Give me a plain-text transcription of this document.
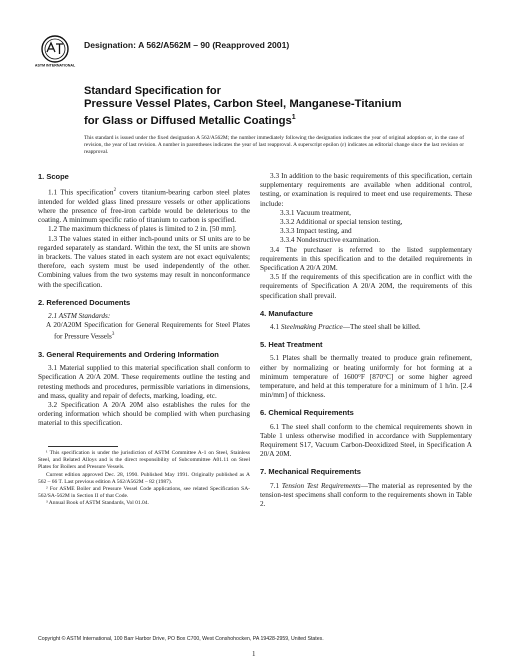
ASTM INTERNATIONAL
Designation: A 562/A562M – 90 (Reapproved 2001)
Standard Specification for
Pressure Vessel Plates, Carbon Steel, Manganese-Titanium
for Glass or Diffused Metallic Coatings$^1$
This standard is issued under the fixed designation A 562/A562M; the number immediately following the designation indicates the year of original adoption or, in the case of revision, the year of last revision. A number in parentheses indicates the year of last reapproval. A superscript epsilon (ε) indicates an editorial change since the last revision or reapproval.
1. Scope

1.1 This specification$^2$ covers titanium-bearing carbon steel plates intended for welded glass lined pressure vessels or other applications where the presence of free-iron carbide would be deleterious to the coating. A minimum specific ratio of titanium to carbon is specified.

1.2 The maximum thickness of plates is limited to 2 in. [50 mm].

1.3 The values stated in either inch-pound units or SI units are to be regarded separately as standard. Within the text, the SI units are shown in brackets. The values stated in each system are not exact equivalents; therefore, each system must be used independently of the other. Combining values from the two systems may result in nonconformance with the specification.

2. Referenced Documents

2.1 ASTM Standards:

A 20/A20M Specification for General Requirements for Steel Plates for Pressure Vessels$^3$

3. General Requirements and Ordering Information

3.1 Material supplied to this material specification shall conform to Specification A 20/A 20M. These requirements outline the testing and retesting methods and procedures, permissible variations in dimensions, and mass, quality and repair of defects, marking, loading, etc.

3.2 Specification A 20/A 20M also establishes the rules for the ordering information which should be complied with when purchasing material to this specification.

¹ This specification is under the jurisdiction of ASTM Committee A-1 on Steel, Stainless Steel, and Related Alloys and is the direct responsibility of Subcommittee A01.11 on Steel Plates for Boilers and Pressure Vessels.

Current edition approved Dec. 28, 1990. Published May 1991. Originally published as A 562 – 66 T. Last previous edition A 562/A562M – 82 (1987).

² For ASME Boiler and Pressure Vessel Code applications, see related Specification SA-562/SA-562M in Section II of that Code.

³ Annual Book of ASTM Standards, Vol 01.04.

3.3 In addition to the basic requirements of this specification, certain supplementary requirements are available when additional control, testing, or examination is required to meet end use requirements. These include:

3.3.1 Vacuum treatment,

3.3.2 Additional or special tension testing,

3.3.3 Impact testing, and

3.3.4 Nondestructive examination.

3.4 The purchaser is referred to the listed supplementary requirements in this specification and to the detailed requirements in Specification A 20/A 20M.

3.5 If the requirements of this specification are in conflict with the requirements of Specification A 20/A 20M, the requirements of this specification shall prevail.

4. Manufacture

4.1 Steelmaking Practice—The steel shall be killed.

5. Heat Treatment

5.1 Plates shall be thermally treated to produce grain refinement, either by normalizing or heating uniformly for hot forming at a minimum temperature of 1600°F [870°C] or some higher agreed temperature, and held at this temperature for a minimum of 1 h/in. [2.4 min/mm] of thickness.

6. Chemical Requirements

6.1 The steel shall conform to the chemical requirements shown in Table 1 unless otherwise modified in accordance with Supplementary Requirement S17, Vacuum Carbon-Deoxidized Steel, in Specification A 20/A 20M.

7. Mechanical Requirements

7.1 Tension Test Requirements—The material as represented by the tension-test specimens shall conform to the requirements shown in Table 2.

Copyright © ASTM International, 100 Barr Harbor Drive, PO Box C700, West Conshohocken, PA 19428-2959, United States.
1
